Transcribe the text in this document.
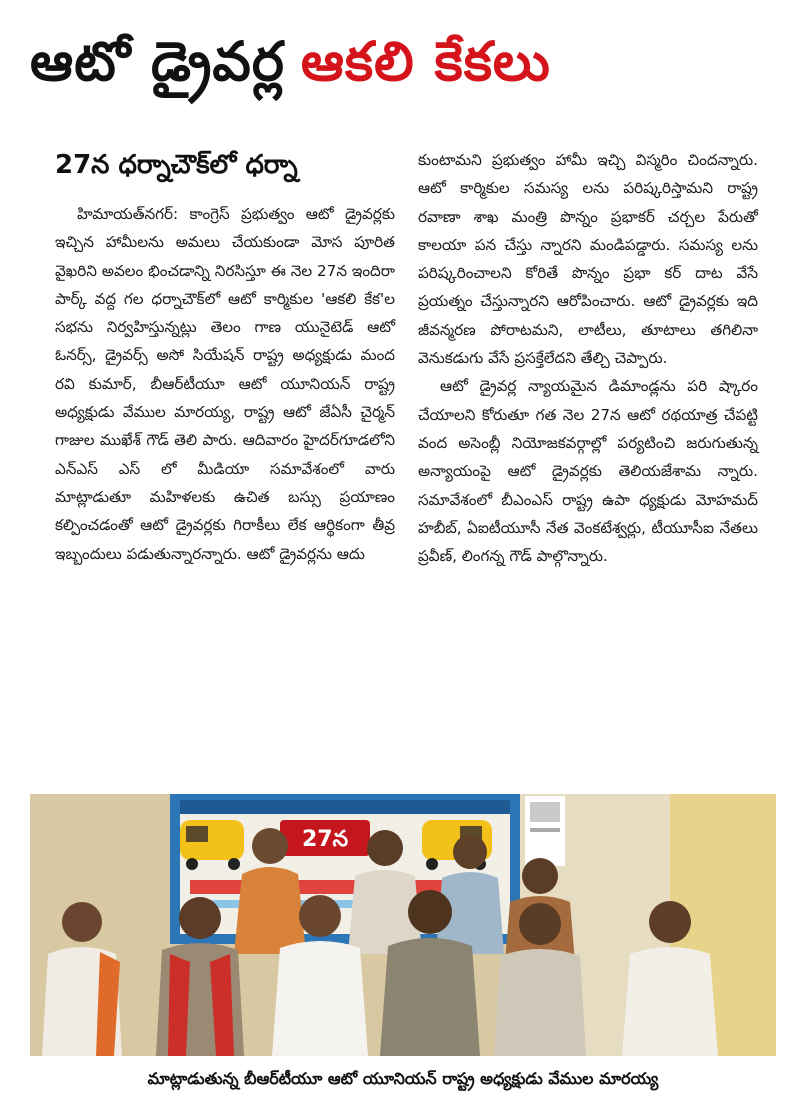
ఆటో డ్రైవర్ల ఆకలి కేకలు
27న ధర్నాచౌక్‌లో ధర్నా

హిమాయత్‌నగర్: కాంగ్రెస్ ప్రభుత్వం ఆటో డ్రైవర్లకు ఇచ్చిన హామీలను అమలు చేయకుండా మోస పూరిత వైఖరిని అవలం భించడాన్ని నిరసిస్తూ ఈ నెల 27న ఇందిరా పార్క్ వద్ద గల ధర్నాచౌక్‌లో ఆటో కార్మికుల 'ఆకలి కేక'ల సభను నిర్వహిస్తున్నట్లు తెలం గాణ యునైటెడ్ ఆటో ఓనర్స్, డ్రైవర్స్ అసో సియేషన్ రాష్ట్ర అధ్యక్షుడు మంద రవి కుమార్, బీఆర్‌టీయూ ఆటో యూనియన్ రాష్ట్ర అధ్యక్షుడు వేముల మారయ్య, రాష్ట్ర ఆటో జేఏసీ చైర్మన్ గాజుల ముఖేశ్ గౌడ్ తెలి పారు. ఆదివారం హైదర్‌గూడలోని ఎన్‌ఎస్ ఎస్ లో మీడియా సమావేశంలో వారు మాట్లాడుతూ మహిళలకు ఉచిత బస్సు ప్రయాణం కల్పించడంతో ఆటో డ్రైవర్లకు గిరాకీలు లేక ఆర్థికంగా తీవ్ర ఇబ్బందులు పడుతున్నారన్నారు. ఆటో డ్రైవర్లను ఆదు

కుంటామని ప్రభుత్వం హామీ ఇచ్చి విస్మరిం చిందన్నారు. ఆటో కార్మికుల సమస్య లను పరిష్కరిస్తామని రాష్ట్ర రవాణా శాఖ మంత్రి పొన్నం ప్రభాకర్ చర్చల పేరుతో కాలయా పన చేస్తు న్నారని మండిపడ్డారు. సమస్య లను పరిష్కరించాలని కోరితే పొన్నం ప్రభా కర్ దాట వేసే ప్రయత్నం చేస్తున్నారని ఆరోపించారు. ఆటో డ్రైవర్లకు ఇది జీవన్మరణ పోరాటమని, లాటీలు, తూటాలు తగిలినా వెనుకడుగు వేసే ప్రసక్తేలేదని తేల్చి చెప్పారు.

ఆటో డ్రైవర్ల న్యాయమైన డిమాండ్లను పరి ష్కారం చేయాలని కోరుతూ గత నెల 27న ఆటో రథయాత్ర చేపట్టి వంద అసెంబ్లీ నియోజకవర్గాల్లో పర్యటించి జరుగుతున్న అన్యాయంపై ఆటో డ్రైవర్లకు తెలియజేశామ న్నారు. సమావేశంలో బీఎంఎస్ రాష్ట్ర ఉపా ధ్యక్షుడు మోహమద్ హబీబ్, ఏఐటీయూసీ నేత వెంకటేశ్వర్లు, టీయూసీఐ నేతలు ప్రవీణ్, లింగన్న గౌడ్ పాల్గొన్నారు.

27న
మాట్లాడుతున్న బీఆర్‌టీయూ ఆటో యూనియన్ రాష్ట్ర అధ్యక్షుడు వేముల మారయ్య
